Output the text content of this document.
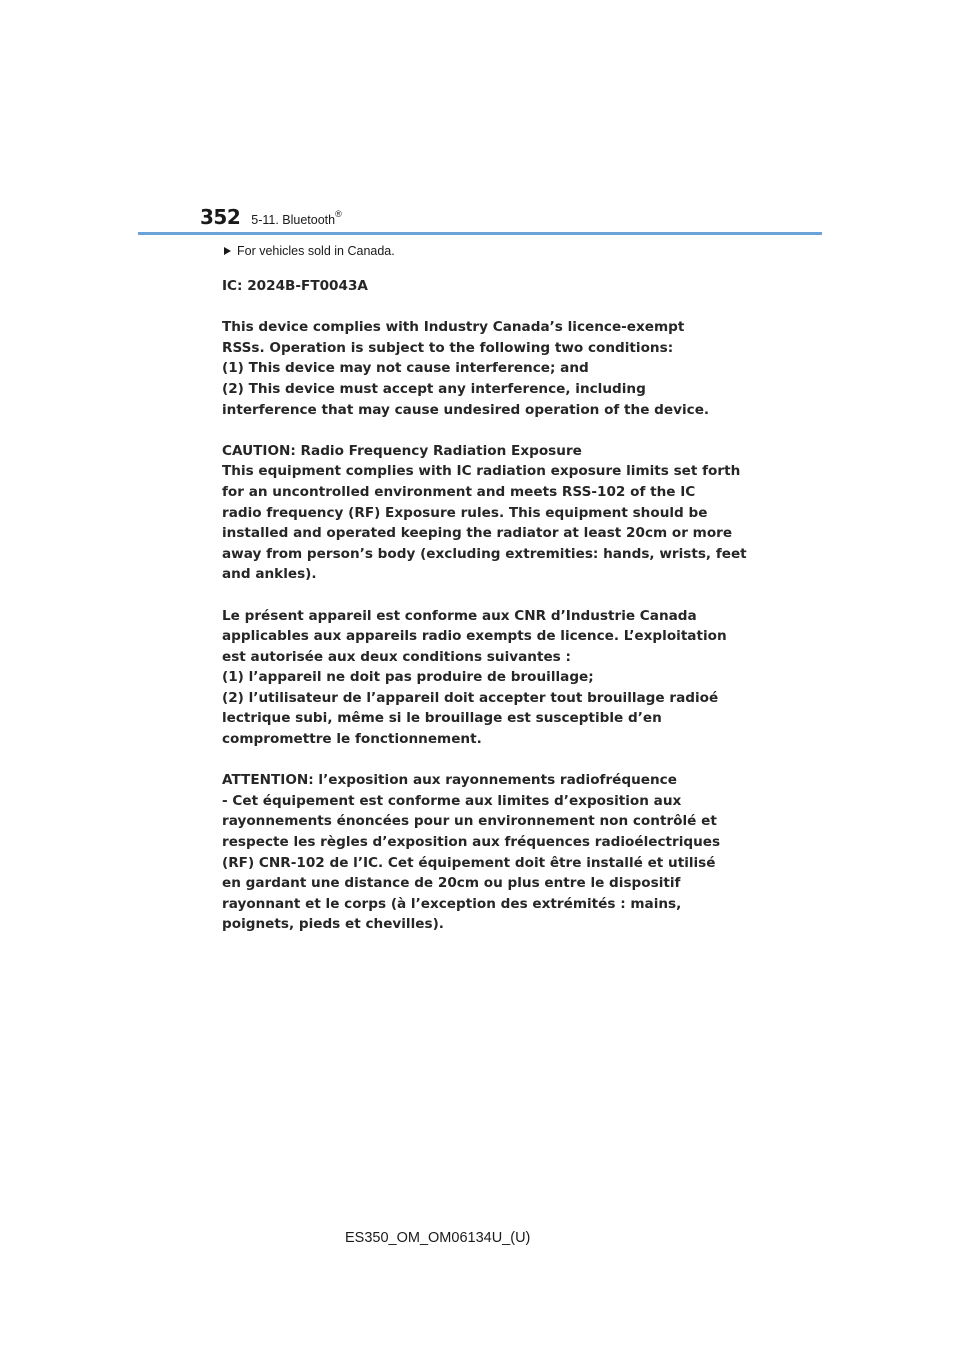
352 5-11. Bluetooth®
For vehicles sold in Canada.

IC: 2024B-FT0043A

This device complies with Industry Canada’s licence-exempt

RSSs. Operation is subject to the following two conditions:

(1) This device may not cause interference; and

(2) This device must accept any interference, including

interference that may cause undesired operation of the device.

CAUTION: Radio Frequency Radiation Exposure

This equipment complies with IC radiation exposure limits set forth

for an uncontrolled environment and meets RSS-102 of the IC

radio frequency (RF) Exposure rules. This equipment should be

installed and operated keeping the radiator at least 20cm or more

away from person’s body (excluding extremities: hands, wrists, feet

and ankles).

Le présent appareil est conforme aux CNR d’Industrie Canada

applicables aux appareils radio exempts de licence. L’exploitation

est autorisée aux deux conditions suivantes :

(1) l’appareil ne doit pas produire de brouillage;

(2) l’utilisateur de l’appareil doit accepter tout brouillage radioé

lectrique subi, même si le brouillage est susceptible d’en

compromettre le fonctionnement.

ATTENTION: l’exposition aux rayonnements radiofréquence

- Cet équipement est conforme aux limites d’exposition aux

rayonnements énoncées pour un environnement non contrôlé et

respecte les règles d’exposition aux fréquences radioélectriques

(RF) CNR-102 de l’IC. Cet équipement doit être installé et utilisé

en gardant une distance de 20cm ou plus entre le dispositif

rayonnant et le corps (à l’exception des extrémités : mains,

poignets, pieds et chevilles).

ES350_OM_OM06134U_(U)
